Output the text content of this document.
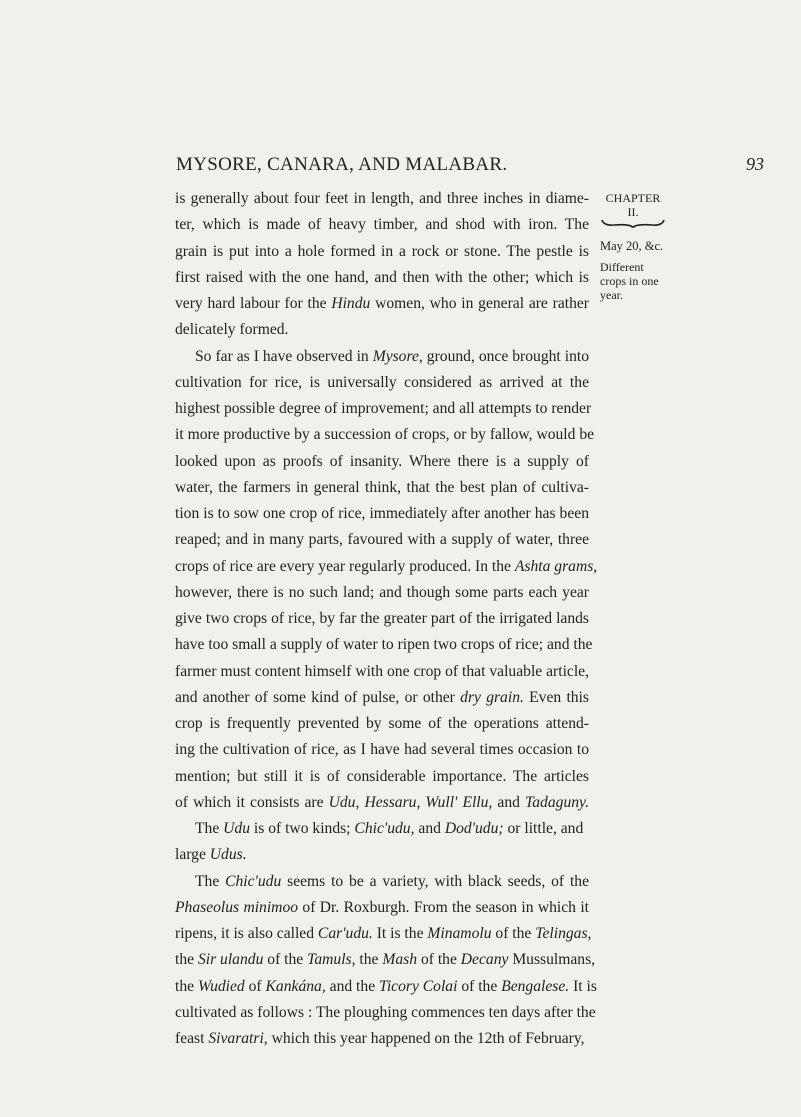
MYSORE, CANARA, AND MALABAR.	93
CHAPTER
II.
May 20, &c.
Different
crops in one
year.
is generally about four feet in length, and three inches in diame-
ter, which is made of heavy timber, and shod with iron. The
grain is put into a hole formed in a rock or stone. The pestle is
first raised with the one hand, and then with the other; which is
very hard labour for the Hindu women, who in general are rather
delicately formed.
So far as I have observed in Mysore, ground, once brought into
cultivation for rice, is universally considered as arrived at the
highest possible degree of improvement; and all attempts to render
it more productive by a succession of crops, or by fallow, would be
looked upon as proofs of insanity. Where there is a supply of
water, the farmers in general think, that the best plan of cultiva-
tion is to sow one crop of rice, immediately after another has been
reaped; and in many parts, favoured with a supply of water, three
crops of rice are every year regularly produced. In the Ashta grams,
however, there is no such land; and though some parts each year
give two crops of rice, by far the greater part of the irrigated lands
have too small a supply of water to ripen two crops of rice; and the
farmer must content himself with one crop of that valuable article,
and another of some kind of pulse, or other dry grain. Even this
crop is frequently prevented by some of the operations attend-
ing the cultivation of rice, as I have had several times occasion to
mention; but still it is of considerable importance. The articles
of which it consists are Udu, Hessaru, Wull' Ellu, and Tadaguny.
The Udu is of two kinds; Chic'udu, and Dod'udu; or little, and
large Udus.
The Chic'udu seems to be a variety, with black seeds, of the
Phaseolus minimoo of Dr. Roxburgh. From the season in which it
ripens, it is also called Car'udu. It is the Minamolu of the Telingas,
the Sir ulandu of the Tamuls, the Mash of the Decany Mussulmans,
the Wudied of Kankána, and the Ticory Colai of the Bengalese. It is
cultivated as follows : The ploughing commences ten days after the
feast Sivaratri, which this year happened on the 12th of February,
